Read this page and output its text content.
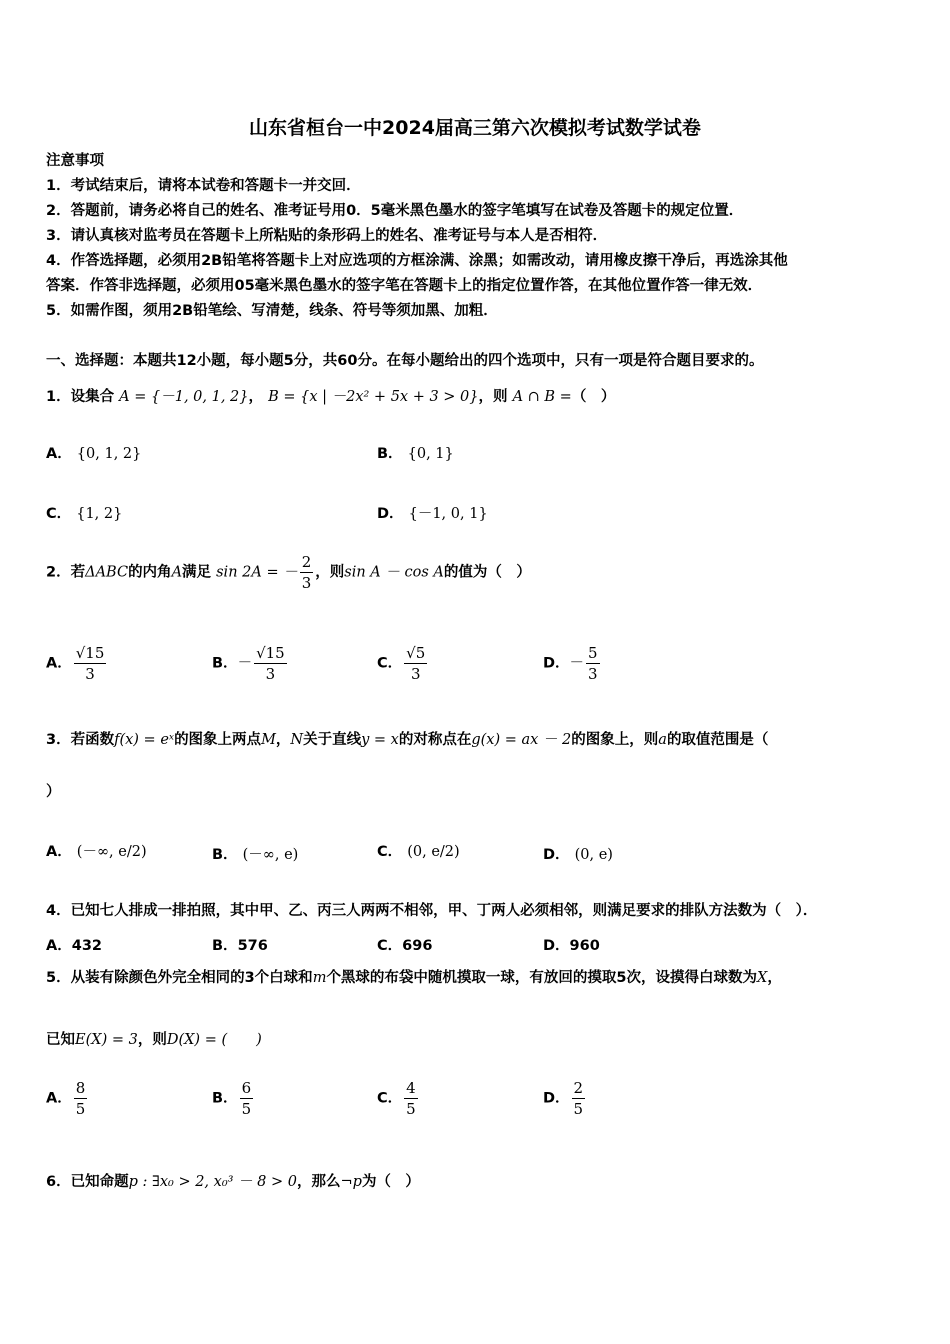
山东省桓台一中2024届高三第六次模拟考试数学试卷
注意事项
1．考试结束后，请将本试卷和答题卡一并交回．
2．答题前，请务必将自己的姓名、准考证号用0．5毫米黑色墨水的签字笔填写在试卷及答题卡的规定位置．
3．请认真核对监考员在答题卡上所粘贴的条形码上的姓名、准考证号与本人是否相符．
4．作答选择题，必须用2B铅笔将答题卡上对应选项的方框涂满、涂黑；如需改动，请用橡皮擦干净后，再选涂其他
答案．作答非选择题，必须用05毫米黑色墨水的签字笔在答题卡上的指定位置作答，在其他位置作答一律无效．
5．如需作图，须用2B铅笔绘、写清楚，线条、符号等须加黑、加粗．
一、选择题：本题共12小题，每小题5分，共60分。在每小题给出的四个选项中，只有一项是符合题目要求的。
1．设集合 A = {－1, 0, 1, 2}， B = {x | －2x² + 5x + 3 > 0}，则 A ∩ B =（　）
A． {0, 1, 2}	B． {0, 1}
C． {1, 2}	D． {－1, 0, 1}
2．若ΔABC的内角A满足 sin 2A = － $\frac{2}{3}$ ，则sin A － cos A的值为（　）
A． $\frac{√15}{3}$	B．－ $\frac{√15}{3}$	C． $\frac{√5}{3}$	D．－ $\frac{5}{3}$
3．若函数f(x) = eˣ的图象上两点M，N关于直线y = x的对称点在g(x) = ax － 2的图象上，则a的取值范围是（
）
A． (－∞, e/2)	B． (－∞, e)	C． (0, e/2)	D． (0, e)
4．已知七人排成一排拍照，其中甲、乙、丙三人两两不相邻，甲、丁两人必须相邻，则满足要求的排队方法数为（　）．
A．432	B．576	C．696	D．960
5．从装有除颜色外完全相同的3个白球和m个黑球的布袋中随机摸取一球，有放回的摸取5次，设摸得白球数为X，
已知E(X) = 3，则D(X) = (　　)
A． $\frac{8}{5}$	B． $\frac{6}{5}$	C． $\frac{4}{5}$	D． $\frac{2}{5}$
6．已知命题p : ∃x₀ > 2, x₀³ － 8 > 0，那么¬p为（　）
